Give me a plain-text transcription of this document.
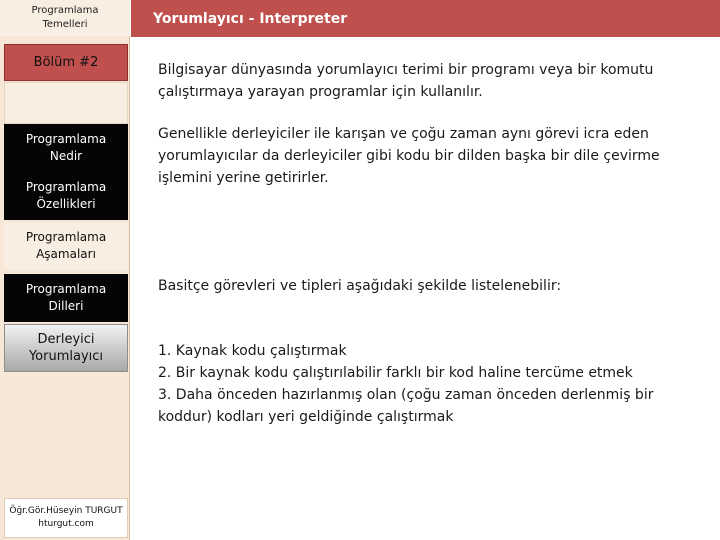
Programlama
Temelleri
Bölüm #2
Programlama
Nedir
Programlama
Özellikleri
Programlama
Aşamaları
Programlama
Dilleri
Derleyici
Yorumlayıcı
Öğr.Gör.Hüseyin TURGUT
hturgut.com
Yorumlayıcı - Interpreter
Bilgisayar dünyasında yorumlayıcı terimi bir programı veya bir komutu çalıştırmaya yarayan programlar için kullanılır.
Genellikle derleyiciler ile karışan ve çoğu zaman aynı görevi icra eden yorumlayıcılar da derleyiciler gibi kodu bir dilden başka bir dile çevirme işlemini yerine getirirler.
Basitçe görevleri ve tipleri aşağıdaki şekilde listelenebilir:
1. Kaynak kodu çalıştırmak
2. Bir kaynak kodu çalıştırılabilir farklı bir kod haline tercüme etmek
3. Daha önceden hazırlanmış olan (çoğu zaman önceden derlenmiş bir koddur) kodları yeri geldiğinde çalıştırmak
